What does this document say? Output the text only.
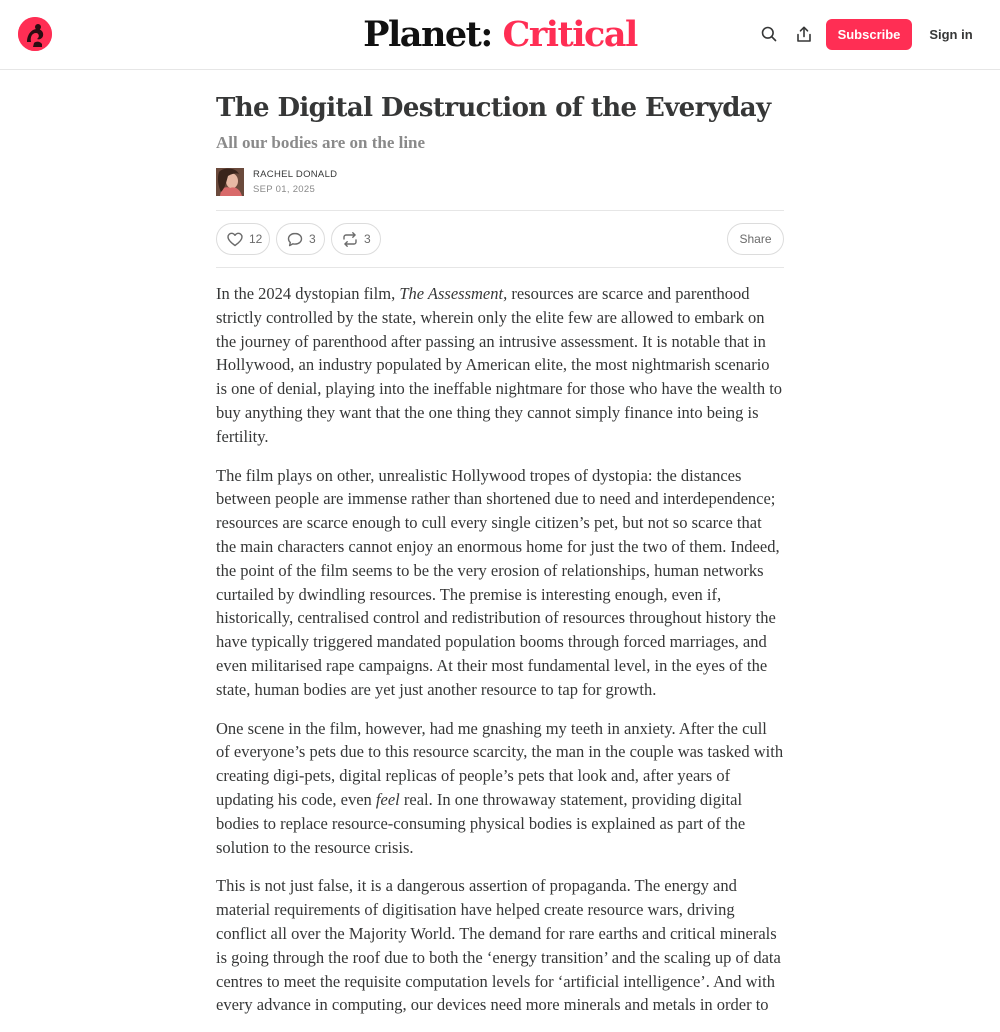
Planet: Critical	Subscribe	Sign in
The Digital Destruction of the Everyday
All our bodies are on the line
RACHEL DONALD
SEP 01, 2025
12	3	3	Share

In the 2024 dystopian film, The Assessment, resources are scarce and parenthood strictly controlled by the state, wherein only the elite few are allowed to embark on the journey of parenthood after passing an intrusive assessment. It is notable that in Hollywood, an industry populated by American elite, the most nightmarish scenario is one of denial, playing into the ineffable nightmare for those who have the wealth to buy anything they want that the one thing they cannot simply finance into being is fertility.

The film plays on other, unrealistic Hollywood tropes of dystopia: the distances between people are immense rather than shortened due to need and interdependence; resources are scarce enough to cull every single citizen’s pet, but not so scarce that the main characters cannot enjoy an enormous home for just the two of them. Indeed, the point of the film seems to be the very erosion of relationships, human networks curtailed by dwindling resources. The premise is interesting enough, even if, historically, centralised control and redistribution of resources throughout history the have typically triggered mandated population booms through forced marriages, and even militarised rape campaigns. At their most fundamental level, in the eyes of the state, human bodies are yet just another resource to tap for growth.

One scene in the film, however, had me gnashing my teeth in anxiety. After the cull of everyone’s pets due to this resource scarcity, the man in the couple was tasked with creating digi-pets, digital replicas of people’s pets that look and, after years of updating his code, even feel real. In one throwaway statement, providing digital bodies to replace resource-consuming physical bodies is explained as part of the solution to the resource crisis.

This is not just false, it is a dangerous assertion of propaganda. The energy and material requirements of digitisation have helped create resource wars, driving conflict all over the Majority World. The demand for rare earths and critical minerals is going through the roof due to both the ‘energy transition’ and the scaling up of data centres to meet the requisite computation levels for ‘artificial intelligence’. And with every advance in computing, our devices need more minerals and metals in order to
